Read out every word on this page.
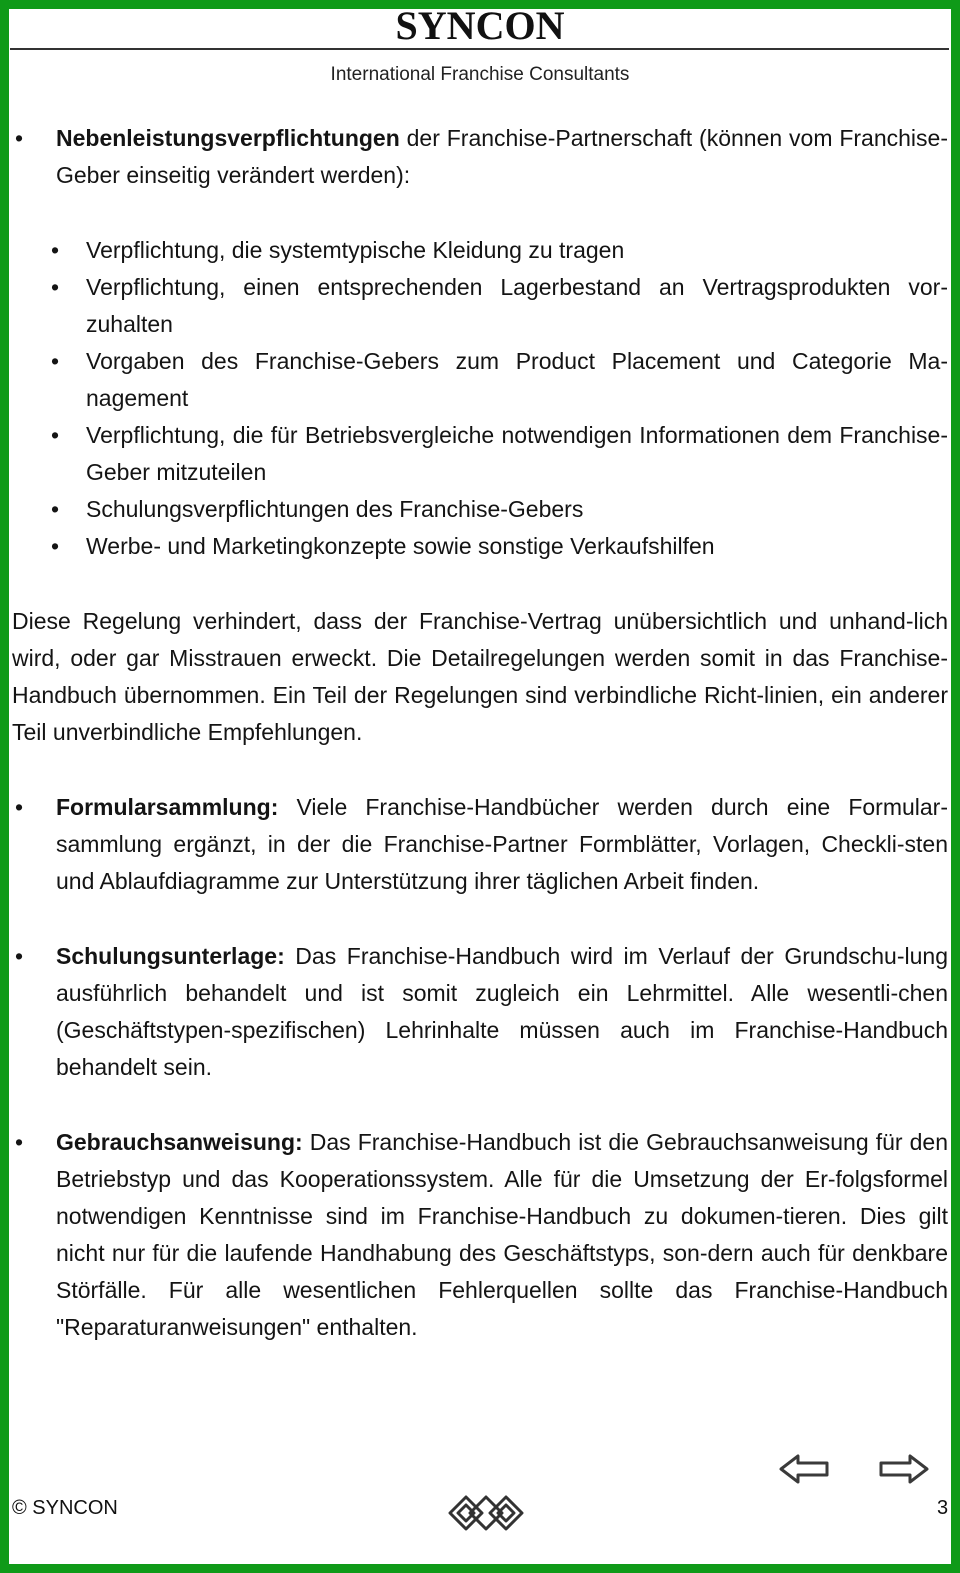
SYNCON
International Franchise Consultants
• Nebenleistungsverpflichtungen der Franchise-Partnerschaft (können vom Franchise-Geber einseitig verändert werden):
• Verpflichtung, die systemtypische Kleidung zu tragen
• Verpflichtung, einen entsprechenden Lagerbestand an Vertragsprodukten vor-zuhalten
• Vorgaben des Franchise-Gebers zum Product Placement und Categorie Ma-nagement
• Verpflichtung, die für Betriebsvergleiche notwendigen Informationen dem Franchise-Geber mitzuteilen
• Schulungsverpflichtungen des Franchise-Gebers
• Werbe- und Marketingkonzepte sowie sonstige Verkaufshilfen
Diese Regelung verhindert, dass der Franchise-Vertrag unübersichtlich und unhand-lich wird, oder gar Misstrauen erweckt. Die Detailregelungen werden somit in das Franchise-Handbuch übernommen. Ein Teil der Regelungen sind verbindliche Richt-linien, ein anderer Teil unverbindliche Empfehlungen.
• Formularsammlung: Viele Franchise-Handbücher werden durch eine Formular-sammlung ergänzt, in der die Franchise-Partner Formblätter, Vorlagen, Checkli-sten und Ablaufdiagramme zur Unterstützung ihrer täglichen Arbeit finden.
• Schulungsunterlage: Das Franchise-Handbuch wird im Verlauf der Grundschu-lung ausführlich behandelt und ist somit zugleich ein Lehrmittel. Alle wesentli-chen (Geschäftstypen-spezifischen) Lehrinhalte müssen auch im Franchise-Handbuch behandelt sein.
• Gebrauchsanweisung: Das Franchise-Handbuch ist die Gebrauchsanweisung für den Betriebstyp und das Kooperationssystem. Alle für die Umsetzung der Er-folgsformel notwendigen Kenntnisse sind im Franchise-Handbuch zu dokumen-tieren. Dies gilt nicht nur für die laufende Handhabung des Geschäftstyps, son-dern auch für denkbare Störfälle. Für alle wesentlichen Fehlerquellen sollte das Franchise-Handbuch "Reparaturanweisungen" enthalten.
© SYNCON	3
